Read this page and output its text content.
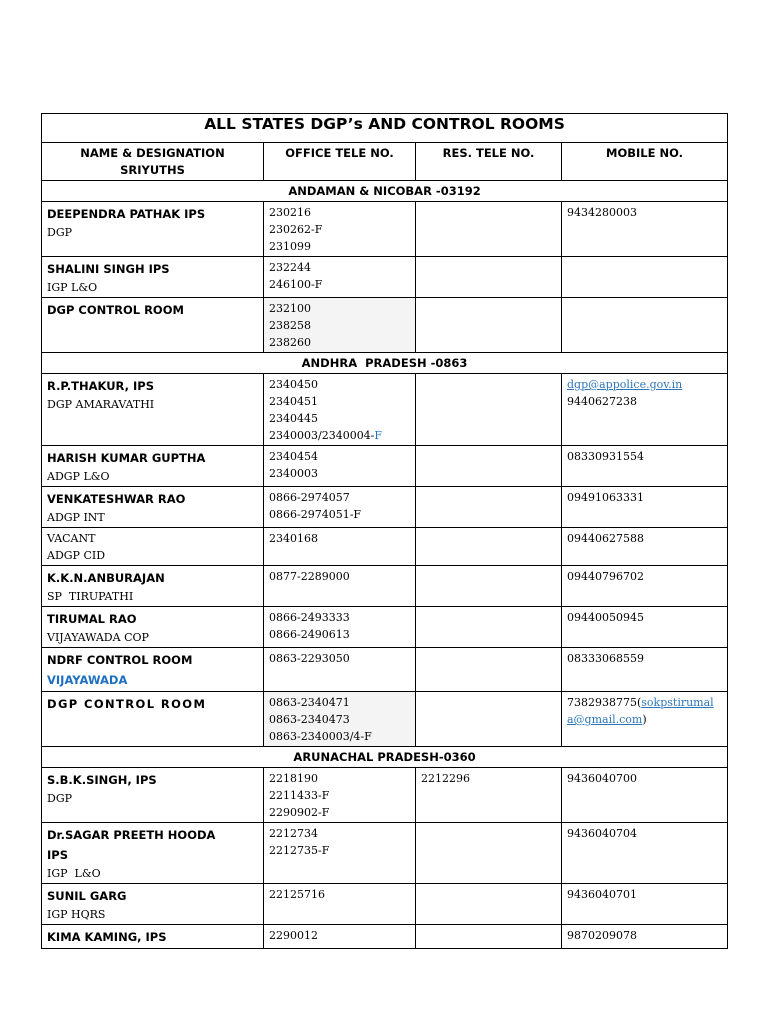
ALL STATES DGP’s AND CONTROL ROOMS			

NAME & DESIGNATION
SRIYUTHS	OFFICE TELE NO.	RES. TELE NO.	MOBILE NO.
ANDAMAN & NICOBAR -03192			

DEEPENDRA PATHAK IPS
DGP	230216
230262-F
231099		9434280003

SHALINI SINGH IPS
IGP L&O	232244
246100-F		

DGP CONTROL ROOM	232100
238258
238260		

ANDHRA  PRADESH -0863			

R.P.THAKUR, IPS
DGP AMARAVATHI	2340450
2340451
2340445
2340003/2340004-F		dgp@appolice.gov.in
9440627238

HARISH KUMAR GUPTHA
ADGP L&O	2340454
2340003		08330931554

VENKATESHWAR RAO
ADGP INT	0866-2974057
0866-2974051-F		09491063331

VACANT
ADGP CID	2340168		09440627588

K.K.N.ANBURAJAN
SP  TIRUPATHI	0877-2289000		09440796702

TIRUMAL RAO
VIJAYAWADA COP	0866-2493333
0866-2490613		09440050945

NDRF CONTROL ROOM
VIJAYAWADA	0863-2293050		08333068559

DGP CONTROL ROOM	0863-2340471
0863-2340473
0863-2340003/4-F		7382938775(sokpstirumal
a@gmail.com)

ARUNACHAL PRADESH-0360			

S.B.K.SINGH, IPS
DGP	2218190
2211433-F
2290902-F	2212296	9436040700

Dr.SAGAR PREETH HOODA
IPS
IGP  L&O	2212734
2212735-F		9436040704

SUNIL GARG
IGP HQRS	22125716		9436040701

KIMA KAMING, IPS	2290012		9870209078
